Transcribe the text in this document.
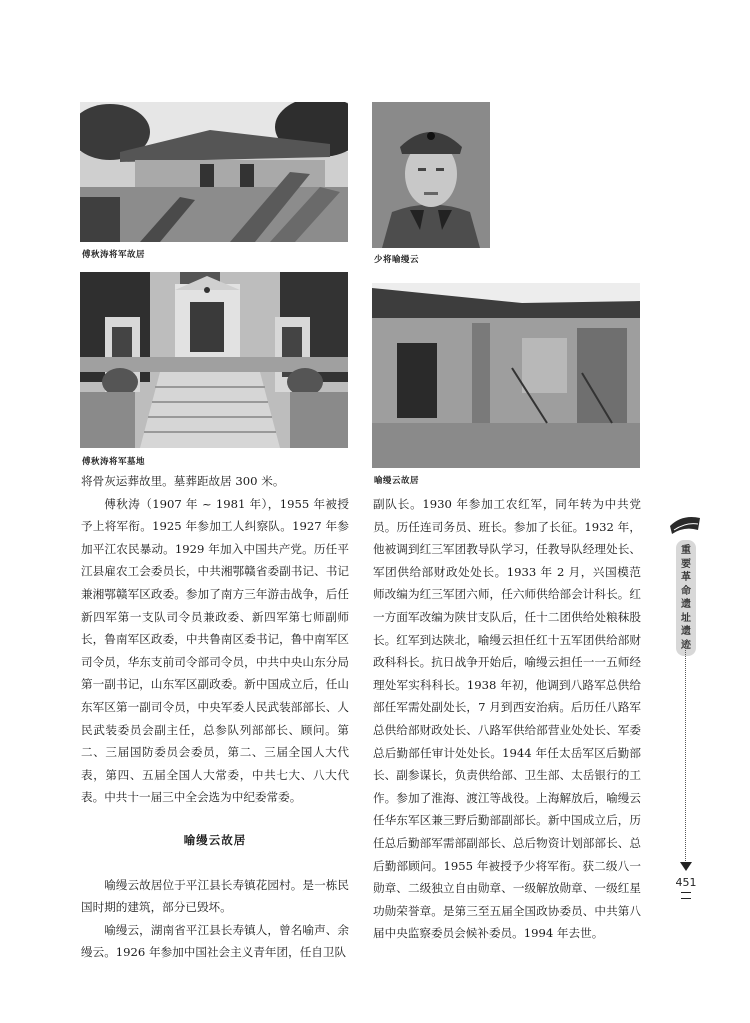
傅秋涛将军故居	少将喻缦云
傅秋涛将军墓地
喻缦云故居

将骨灰运葬故里。墓葬距故居 300 米。

傅秋涛（1907 年 ~ 1981 年），1955 年被授予上将军衔。1925 年参加工人纠察队。1927 年参加平江农民暴动。1929 年加入中国共产党。历任平江县雇农工会委员长，中共湘鄂赣省委副书记、书记兼湘鄂赣军区政委。参加了南方三年游击战争，后任新四军第一支队司令员兼政委、新四军第七师副师长，鲁南军区政委，中共鲁南区委书记，鲁中南军区司令员，华东支前司令部司令员，中共中央山东分局第一副书记，山东军区副政委。新中国成立后，任山东军区第一副司令员，中央军委人民武装部部长、人民武装委员会副主任，总参队列部部长、顾问。第二、三届国防委员会委员，第二、三届全国人大代表，第四、五届全国人大常委，中共七大、八大代表。中共十一届三中全会选为中纪委常委。

喻缦云故居

喻缦云故居位于平江县长寿镇花园村。是一栋民国时期的建筑，部分已毁坏。

喻缦云，湖南省平江县长寿镇人，曾名喻声、余缦云。1926 年参加中国社会主义青年团，任自卫队

副队长。1930 年参加工农红军，同年转为中共党员。历任连司务员、班长。参加了长征。1932 年，他被调到红三军团教导队学习，任教导队经理处长、军团供给部财政处处长。1933 年 2 月，兴国模范师改编为红三军团六师，任六师供给部会计科长。红一方面军改编为陕甘支队后，任十二团供给处粮秣股长。红军到达陕北，喻缦云担任红十五军团供给部财政科科长。抗日战争开始后，喻缦云担任一一五师经理处军实科科长。1938 年初，他调到八路军总供给部任军需处副处长，7 月到西安治病。后历任八路军总供给部财政处长、八路军供给部营业处处长、军委总后勤部任审计处处长。1944 年任太岳军区后勤部长、副参谋长，负责供给部、卫生部、太岳银行的工作。参加了淮海、渡江等战役。上海解放后，喻缦云任华东军区兼三野后勤部副部长。新中国成立后，历任总后勤部军需部副部长、总后物资计划部部长、总后勤部顾问。1955 年被授予少将军衔。获二级八一勋章、二级独立自由勋章、一级解放勋章、一级红星功勋荣誉章。是第三至五届全国政协委员、中共第八届中央监察委员会候补委员。1994 年去世。

重
要
革
命
遗
址
遗
迹
451
